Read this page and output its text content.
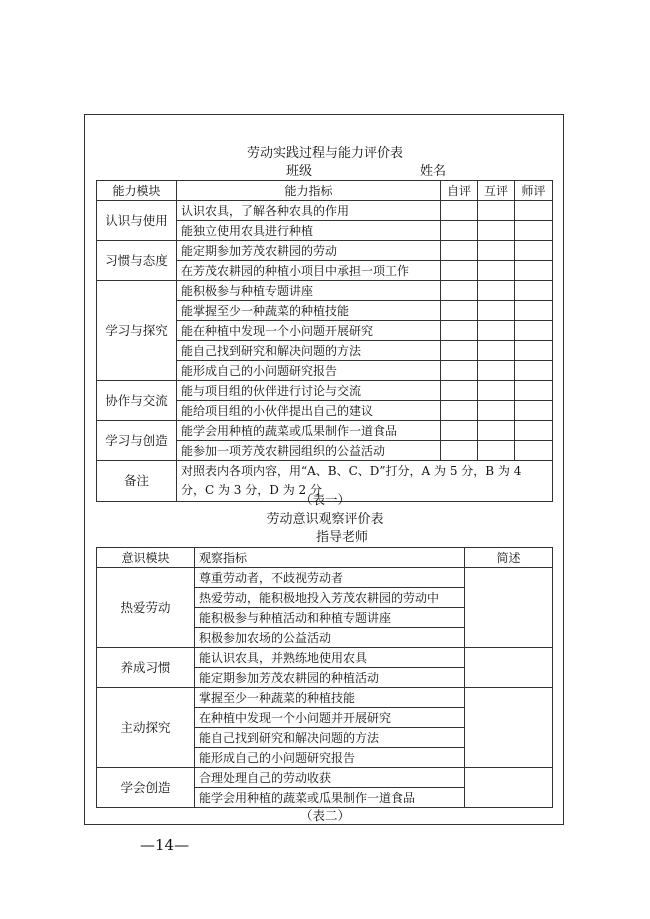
劳动实践过程与能力评价表
班级	姓名
能力模块	能力指标	自评	互评	师评
认识与使用	认识农具，了解各种农具的作用			
	能独立使用农具进行种植			
习惯与态度	能定期参加芳茂农耕园的劳动			
	在芳茂农耕园的种植小项目中承担一项工作			
学习与探究	能积极参与种植专题讲座			
	能掌握至少一种蔬菜的种植技能			
	能在种植中发现一个小问题开展研究			
	能自己找到研究和解决问题的方法			
	能形成自己的小问题研究报告			
协作与交流	能与项目组的伙伴进行讨论与交流			
	能给项目组的小伙伴提出自己的建议			
学习与创造	能学会用种植的蔬菜或瓜果制作一道食品			
	能参加一项芳茂农耕园组织的公益活动			
备注	对照表内各项内容，用“A、B、C、D”打分，A 为 5 分，B 为 4 分，C 为 3 分，D 为 2 分			
（表一）
劳动意识观察评价表
指导老师
意识模块	观察指标	简述
热爱劳动	尊重劳动者，不歧视劳动者	
	热爱劳动，能积极地投入芳茂农耕园的劳动中	
	能积极参与种植活动和种植专题讲座	
	积极参加农场的公益活动	
养成习惯	能认识农具，并熟练地使用农具	
	能定期参加芳茂农耕园的种植活动	
主动探究	掌握至少一种蔬菜的种植技能	
	在种植中发现一个小问题并开展研究	
	能自己找到研究和解决问题的方法	
	能形成自己的小问题研究报告	
学会创造	合理处理自己的劳动收获	
	能学会用种植的蔬菜或瓜果制作一道食品	
（表二）
—14—
